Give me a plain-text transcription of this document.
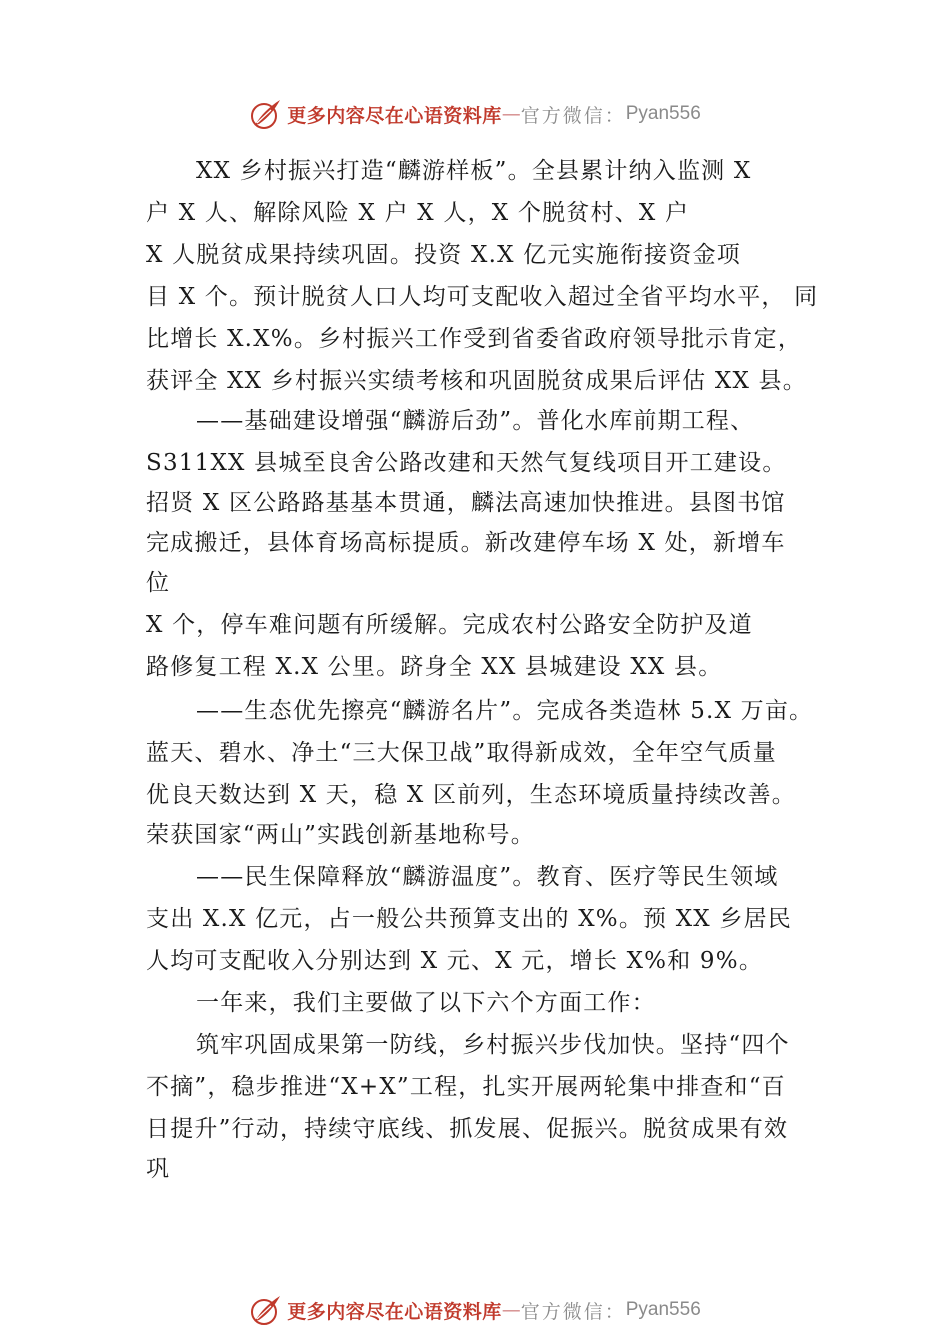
更多内容尽在心语资料库 — 官方微信： Pyan556
XX 乡村振兴打造“麟游样板”。全县累计纳入监测 X
户 X 人、解除风险 X 户 X 人，X 个脱贫村、X 户
X 人脱贫成果持续巩固。投资 X.X 亿元实施衔接资金项
目 X 个。预计脱贫人口人均可支配收入超过全省平均水平， 同
比增长 X.X%。乡村振兴工作受到省委省政府领导批示肯定，
获评全 XX 乡村振兴实绩考核和巩固脱贫成果后评估 XX 县。
——基础建设增强“麟游后劲”。普化水库前期工程、
S311XX 县城至良舍公路改建和天然气复线项目开工建设。
招贤 X 区公路路基基本贯通，麟法高速加快推进。县图书馆
完成搬迁，县体育场高标提质。新改建停车场 X 处，新增车
位
X 个，停车难问题有所缓解。完成农村公路安全防护及道
路修复工程 X.X 公里。跻身全 XX 县城建设 XX 县。
——生态优先擦亮“麟游名片”。完成各类造林 5.X 万亩。
蓝天、碧水、净土“三大保卫战”取得新成效，全年空气质量
优良天数达到 X 天，稳 X 区前列，生态环境质量持续改善。
荣获国家“两山”实践创新基地称号。
——民生保障释放“麟游温度”。教育、医疗等民生领域
支出 X.X 亿元，占一般公共预算支出的 X%。预 XX 乡居民
人均可支配收入分别达到 X 元、X 元，增长 X%和 9%。
一年来，我们主要做了以下六个方面工作：
筑牢巩固成果第一防线，乡村振兴步伐加快。坚持“四个
不摘”，稳步推进“X+X”工程，扎实开展两轮集中排查和“百
日提升”行动，持续守底线、抓发展、促振兴。脱贫成果有效
巩
更多内容尽在心语资料库 — 官方微信： Pyan556
